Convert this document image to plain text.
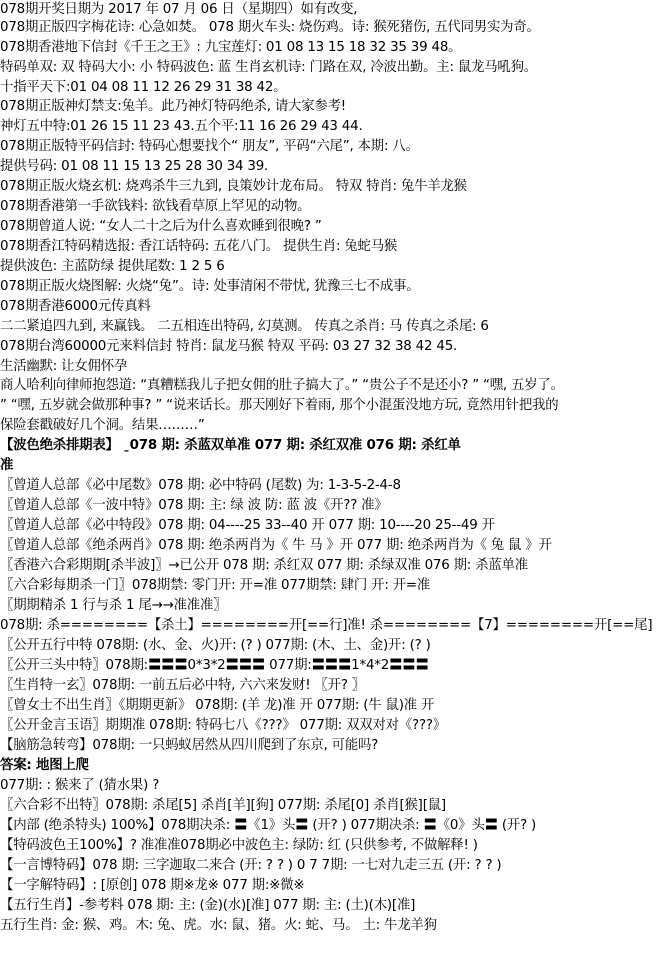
078期开奖日期为 2017 年 07 月 06 日（星期四）如有改变,
078期正版四字梅花诗: 心急如焚。 078 期火车头: 烧伤鸡。诗: 猴死猪伤, 五代同男实为奇。
078期香港地下信封《千王之王》: 九宝莲灯: 01 08 13 15 18 32 35 39 48。
特码单双: 双 特码大小: 小 特码波色: 蓝 生肖玄机诗: 门路在双, 冷波出勤。主: 鼠龙马吼狗。
十指平天下:01 04 08 11 12 26 29 31 38 42。
078期正版神灯禁支:兔羊。此乃神灯特码绝杀, 请大家参考!
神灯五中特:01 26 15 11 23 43.五个平:11 16 26 29 43 44.
078期正版特平码信封: 特码心想要找个“ 朋友”, 平码“六尾”, 本期: 八。
提供号码: 01 08 11 15 13 25 28 30 34 39.
078期正版火烧玄机: 烧鸡杀牛三九到, 良策妙计龙布局。 特双 特肖: 兔牛羊龙猴
078期香港第一手欲钱料: 欲钱看草原上罕见的动物。
078期曾道人说: “女人二十之后为什么喜欢睡到很晚? ”
078期香江特码精选报: 香江话特码: 五花八门。 提供生肖: 兔蛇马猴
提供波色: 主蓝防绿 提供尾数: 1 2 5 6
078期正版火烧图解: 火烧“兔”。诗: 处事清闲不带忧, 犹豫三七不成事。
078期香港6000元传真料
二二紧追四九到, 来赢钱。 二五相连出特码, 幻莫测。 传真之杀肖: 马 传真之杀尾: 6
078期台湾60000元来料信封 特肖: 鼠龙马猴 特双 平码: 03 27 32 38 42 45.
生活幽默: 让女佣怀孕
商人哈利向律师抱怨道: “真糟糕我儿子把女佣的肚子搞大了。” “贵公子不是还小? ” “嘿, 五岁了。
” “嘿, 五岁就会做那种事? ” “说来话长。那天刚好下着雨, 那个小混蛋没地方玩, 竟然用针把我的
保险套戳破好几个洞。结果………”
【波色绝杀排期表】 ˍ078 期: 杀蓝双单准 077 期: 杀红双准 076 期: 杀红单
准
〖曾道人总部《必中尾数》078 期: 必中特码 (尾数) 为: 1-3-5-2-4-8
〖曾道人总部《一波中特》078 期: 主: 绿 波 防: 蓝 波《开?? 准》
〖曾道人总部《必中特段》078 期: 04----25 33--40 开 077 期: 10----20 25--49 开
〖曾道人总部《绝杀两肖》078 期: 绝杀两肖为《 牛 马 》开 077 期: 绝杀两肖为《 兔 鼠 》开
〖香港六合彩期期[杀半波]〗→已公开 078 期: 杀红双 077 期: 杀绿双准 076 期: 杀蓝单准
〖六合彩每期杀一门〗078期禁: 零门开: 开=准 077期禁: 肆门 开: 开=准
〖期期精杀 1 行与杀 1 尾→→准准准〗
078期: 杀========【杀土】========开[==行]准! 杀========【7】========开[==尾]
〖公开五行中特 078期: (水、金、火)开: (? ) 077期: (木、土、金)开: (? )
〖公开三头中特〗078期:〓〓〓0*3*2〓〓〓 077期:〓〓〓1*4*2〓〓〓
〖生肖特一玄〗078期: 一前五后必中特, 六六来发财! 〖开? 〗
〖曾女士不出生肖〗《期期更新》 078期: (羊 龙)准 开 077期: (牛 鼠)准 开
〖公开金言玉语〗期期准 078期: 特码七八《???》 077期: 双双对对《???》
【脑筋急转弯】078期: 一只蚂蚁居然从四川爬到了东京, 可能吗?
答案: 地图上爬
077期: : 猴来了 (猜水果) ?
〖六合彩不出特〗078期: 杀尾[5] 杀肖[羊][狗] 077期: 杀尾[0] 杀肖[猴][鼠]
【内部 (绝杀特头) 100%】078期决杀: 〓《1》头〓 (开? ) 077期决杀: 〓《0》头〓 (开? )
【特码波色王100%】? 准准准078期必中波色主: 绿防: 红 (只供参考, 不做解释! )
【一言博特码】078 期: 三字迦取二来合 (开: ? ? ) 0 7 7期: 一七对九走三五 (开: ? ? )
【一字解特码】: [原创] 078 期※龙※ 077 期:※微※
【五行生肖】-参考料 078 期: 主: (金)(水)[准] 077 期: 主: (土)(木)[准]
五行生肖: 金: 猴、鸡。木: 兔、虎。水: 鼠、猪。火: 蛇、马。 土: 牛龙羊狗
